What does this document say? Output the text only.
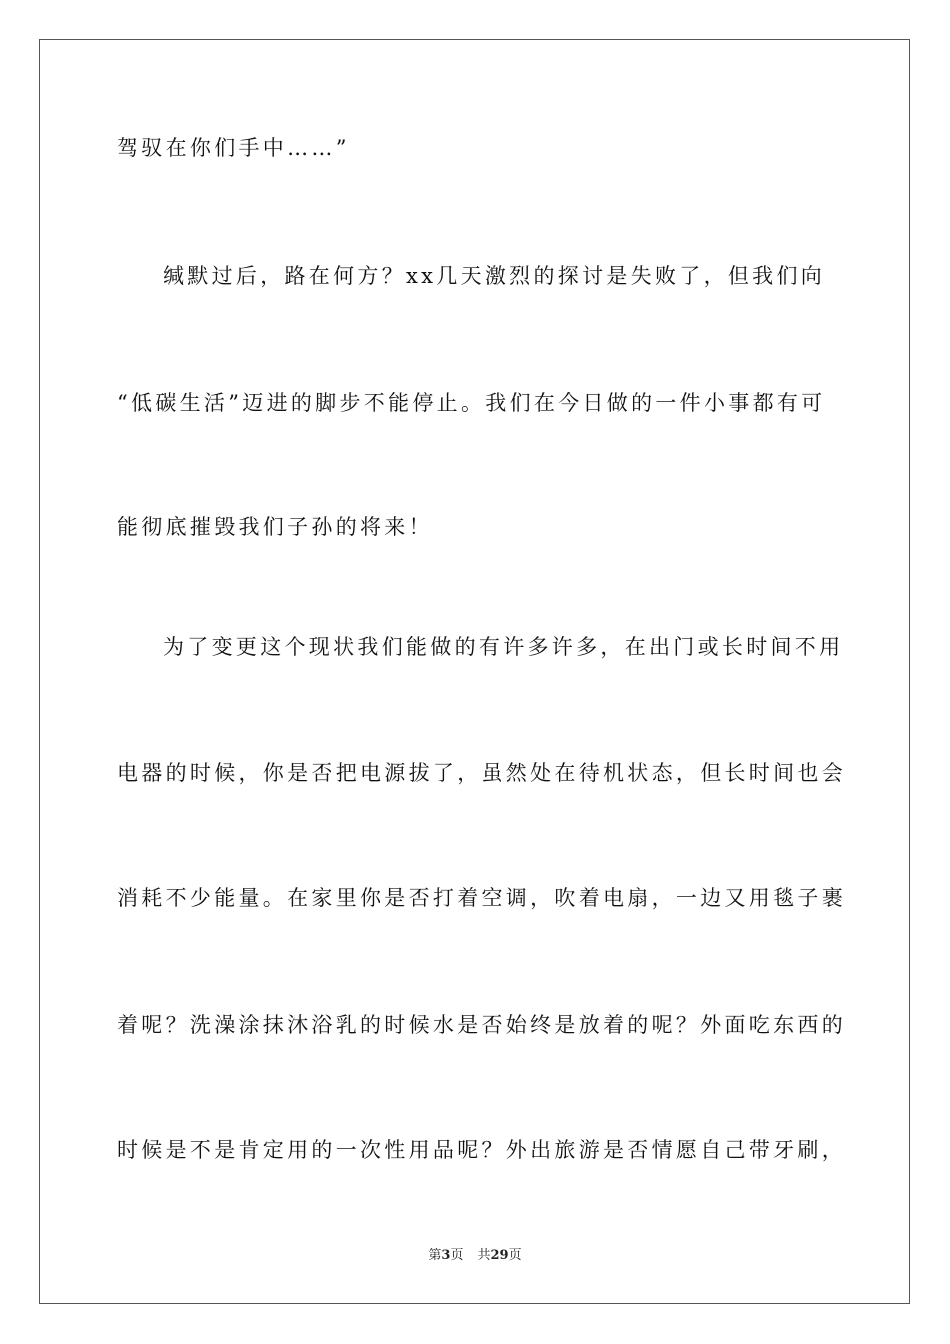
驾驭在你们手中……”
缄默过后，路在何方？xx几天激烈的探讨是失败了，但我们向
“低碳生活”迈进的脚步不能停止。我们在今日做的一件小事都有可
能彻底摧毁我们子孙的将来！
为了变更这个现状我们能做的有许多许多，在出门或长时间不用
电器的时候，你是否把电源拔了，虽然处在待机状态，但长时间也会
消耗不少能量。在家里你是否打着空调，吹着电扇，一边又用毯子裹
着呢？洗澡涂抹沐浴乳的时候水是否始终是放着的呢？外面吃东西的
时候是不是肯定用的一次性用品呢？外出旅游是否情愿自己带牙刷，
第3页 共29页
